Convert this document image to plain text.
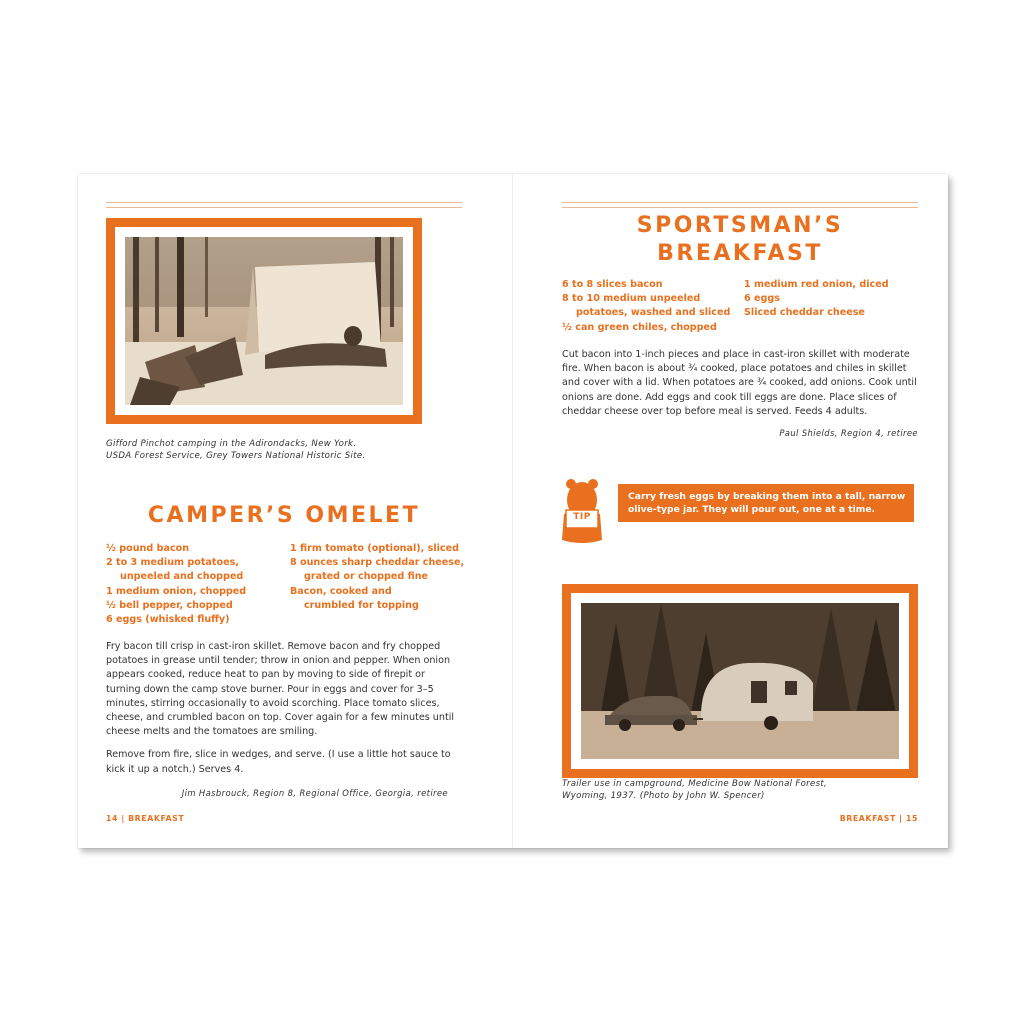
Gifford Pinchot camping in the Adirondacks, New York.
USDA Forest Service, Grey Towers National Historic Site.
CAMPER’S OMELET
½ pound bacon
2 to 3 medium potatoes,
unpeeled and chopped
1 medium onion, chopped
½ bell pepper, chopped
6 eggs (whisked fluffy)
1 firm tomato (optional), sliced
8 ounces sharp cheddar cheese,
grated or chopped fine
Bacon, cooked and
crumbled for topping

Fry bacon till crisp in cast-iron skillet. Remove bacon and fry chopped potatoes in grease until tender; throw in onion and pepper. When onion appears cooked, reduce heat to pan by moving to side of firepit or turning down the camp stove burner. Pour in eggs and cover for 3–5 minutes, stirring occasionally to avoid scorching. Place tomato slices, cheese, and crumbled bacon on top. Cover again for a few minutes until cheese melts and the tomatoes are smiling.

Remove from fire, slice in wedges, and serve. (I use a little hot sauce to kick it up a notch.) Serves 4.

Jim Hasbrouck, Region 8, Regional Office, Georgia, retiree
14 | BREAKFAST
SPORTSMAN’S
BREAKFAST
6 to 8 slices bacon
8 to 10 medium unpeeled
potatoes, washed and sliced
½ can green chiles, chopped
1 medium red onion, diced
6 eggs
Sliced cheddar cheese

Cut bacon into 1-inch pieces and place in cast-iron skillet with moderate fire. When bacon is about ¾ cooked, place potatoes and chiles in skillet and cover with a lid. When potatoes are ¾ cooked, add onions. Cook until onions are done. Add eggs and cook till eggs are done. Place slices of cheddar cheese over top before meal is served. Feeds 4 adults.

Paul Shields, Region 4, retiree
TIP
Carry fresh eggs by breaking them into a tall, narrow
olive-type jar. They will pour out, one at a time.
Trailer use in campground, Medicine Bow National Forest,
Wyoming, 1937. (Photo by John W. Spencer)
BREAKFAST | 15
